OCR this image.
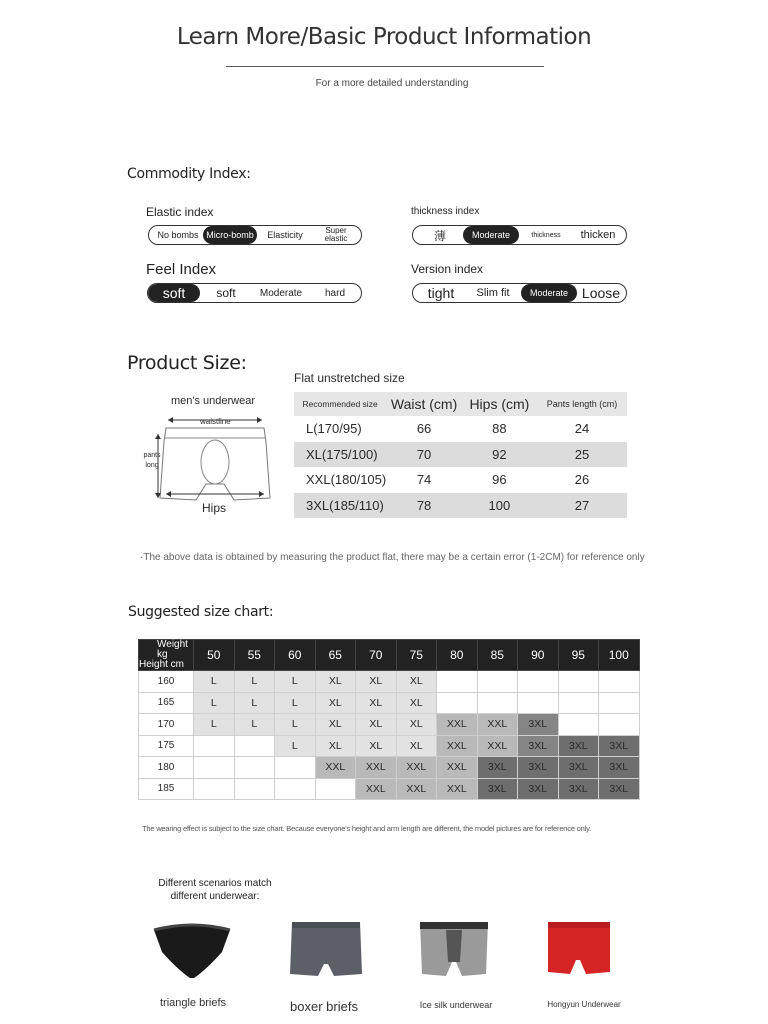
Learn More/Basic Product Information
For a more detailed understanding
Commodity Index:
Elastic index
No bombs Micro-bomb	Elasticity	Super elastic
thickness index
薄	Moderate	thickness	thicken
Feel Index
soft	soft	Moderate	hard
Version index
tight	Slim fit	Moderate Loose
Product Size:
men's underwear
waistline
pants long
Hips
Flat unstretched size
Recommended size	Waist (cm)	Hips (cm)	Pants length (cm)
L(170/95)	66	88	24
XL(175/100)	70	92	25
XXL(180/105)	74	96	26
3XL(185/110)	78	100	27
·The above data is obtained by measuring the product flat, there may be a certain error (1-2CM) for reference only
Suggested size chart:
Weight kg
Height cm	50	55	60	65	70	75	80	85	90	95	100
160	L	L	L	XL	XL	XL					
165	L	L	L	XL	XL	XL					
170	L	L	L	XL	XL	XL	XXL	XXL	3XL		
175			L	XL	XL	XL	XXL	XXL	3XL	3XL	3XL
180				XXL	XXL	XXL	XXL	3XL	3XL	3XL	3XL
185					XXL	XXL	XXL	3XL	3XL	3XL	3XL
The wearing effect is subject to the size chart. Because everyone's height and arm length are different, the model pictures are for reference only.
Different scenarios match different underwear:
triangle briefs	boxer briefs	Ice silk underwear	Hongyun Underwear
